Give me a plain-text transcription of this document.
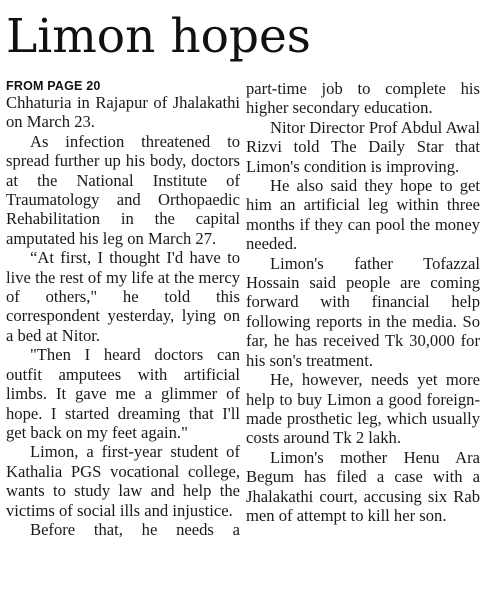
Limon hopes
FROM PAGE 20

Chhaturia in Rajapur of Jhalakathi on March 23.

As infection threatened to spread further up his body, doctors at the National Institute of Traumatology and Orthopaedic Rehabilitation in the capital amputated his leg on March 27.

“At first, I thought I'd have to live the rest of my life at the mercy of others," he told this correspondent yesterday, lying on a bed at Nitor.

"Then I heard doctors can outfit amputees with artificial limbs. It gave me a glimmer of hope. I started dreaming that I'll get back on my feet again."

Limon, a first-year student of Kathalia PGS vocational college, wants to study law and help the victims of social ills and injustice.

Before that, he needs a

part-time job to complete his higher secondary education.

Nitor Director Prof Abdul Awal Rizvi told The Daily Star that Limon's condition is improving.

He also said they hope to get him an artificial leg within three months if they can pool the money needed.

Limon's father Tofazzal Hossain said people are coming forward with financial help following reports in the media. So far, he has received Tk 30,000 for his son's treatment.

He, however, needs yet more help to buy Limon a good foreign-made prosthetic leg, which usually costs around Tk 2 lakh.

Limon's mother Henu Ara Begum has filed a case with a Jhalakathi court, accusing six Rab men of attempt to kill her son.
